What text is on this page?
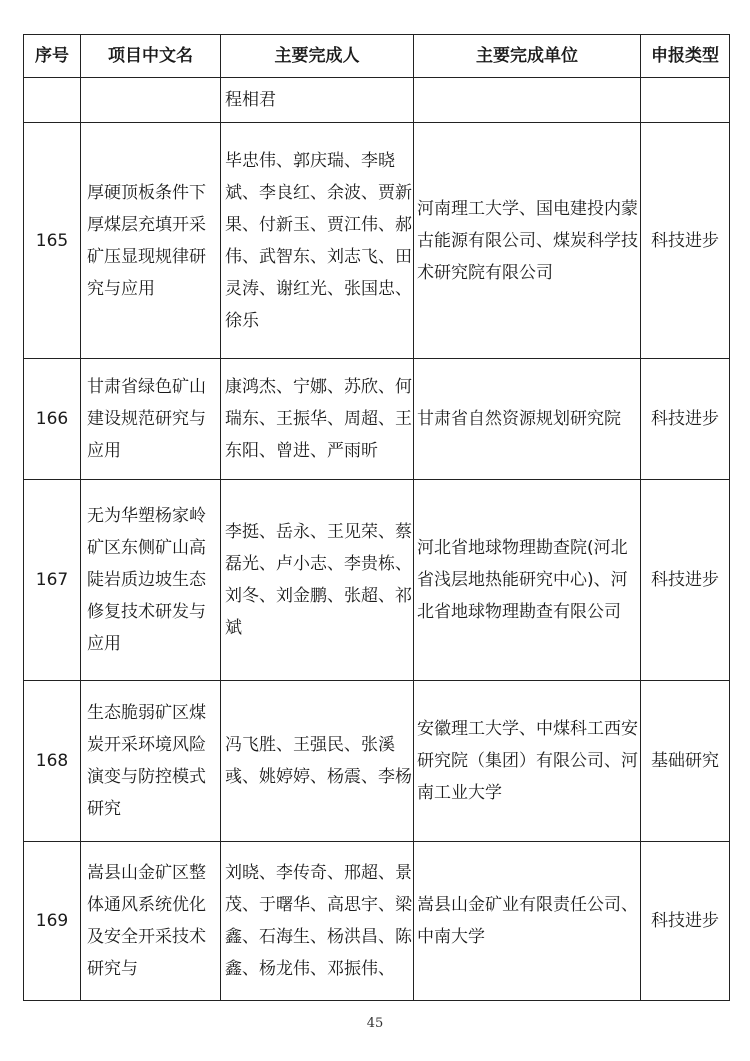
序号	项目中文名	主要完成人	主要完成单位	申报类型
		程相君		
165	厚硬顶板条件下厚煤层充填开采矿压显现规律研究与应用	毕忠伟、郭庆瑞、李晓斌、李良红、余波、贾新果、付新玉、贾江伟、郝伟、武智东、刘志飞、田灵涛、谢红光、张国忠、徐乐	河南理工大学、国电建投内蒙古能源有限公司、煤炭科学技术研究院有限公司	科技进步
166	甘肃省绿色矿山建设规范研究与应用	康鸿杰、宁娜、苏欣、何瑞东、王振华、周超、王东阳、曾进、严雨昕	甘肃省自然资源规划研究院	科技进步
167	无为华塑杨家岭矿区东侧矿山高陡岩质边坡生态修复技术研发与应用	李挺、岳永、王见荣、蔡磊光、卢小志、李贵栋、刘冬、刘金鹏、张超、祁斌	河北省地球物理勘查院(河北省浅层地热能研究中心)、河北省地球物理勘查有限公司	科技进步
168	生态脆弱矿区煤炭开采环境风险演变与防控模式研究	冯飞胜、王强民、张溪彧、姚婷婷、杨震、李杨	安徽理工大学、中煤科工西安研究院（集团）有限公司、河南工业大学	基础研究
169	嵩县山金矿区整体通风系统优化及安全开采技术研究与	刘晓、李传奇、邢超、景茂、于曙华、高思宇、梁鑫、石海生、杨洪昌、陈鑫、杨龙伟、邓振伟、	嵩县山金矿业有限责任公司、中南大学	科技进步
45
